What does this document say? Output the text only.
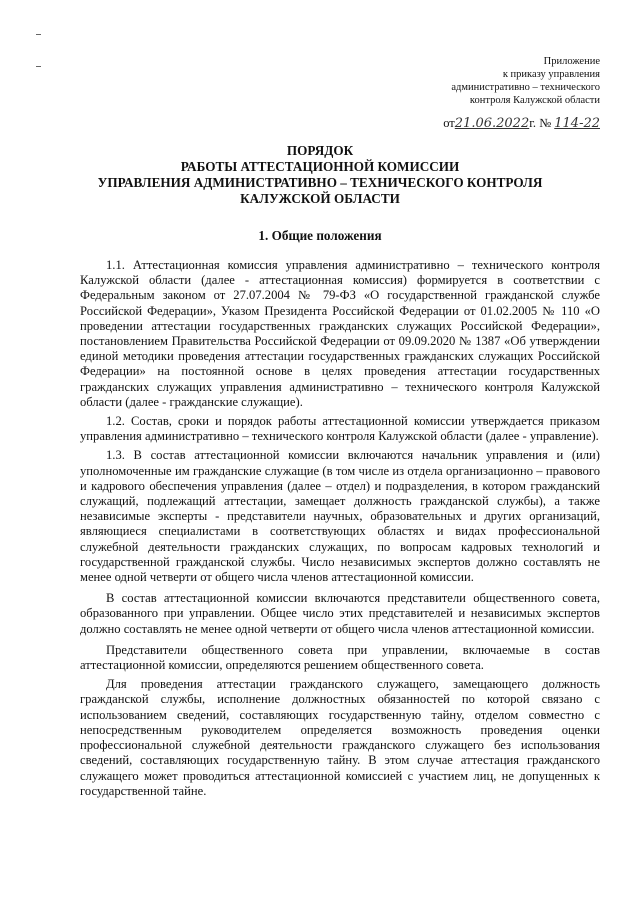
Приложение
к приказу управления
административно – технического
контроля Калужской области
от21.06.2022г. № 114-22
ПОРЯДОК
РАБОТЫ АТТЕСТАЦИОННОЙ КОМИССИИ
УПРАВЛЕНИЯ АДМИНИСТРАТИВНО – ТЕХНИЧЕСКОГО КОНТРОЛЯ
КАЛУЖСКОЙ ОБЛАСТИ
1. Общие положения

1.1. Аттестационная комиссия управления административно – технического контроля Калужской области (далее - аттестационная комиссия) формируется в соответствии с Федеральным законом от 27.07.2004 № 79-ФЗ «О государственной гражданской службе Российской Федерации», Указом Президента Российской Федерации от 01.02.2005 № 110 «О проведении аттестации государственных гражданских служащих Российской Федерации», постановлением Правительства Российской Федерации от 09.09.2020 № 1387 «Об утверждении единой методики проведения аттестации государственных гражданских служащих Российской Федерации» на постоянной основе в целях проведения аттестации государственных гражданских служащих управления административно – технического контроля Калужской области (далее - гражданские служащие).

1.2. Состав, сроки и порядок работы аттестационной комиссии утверждается приказом управления административно – технического контроля Калужской области (далее - управление).

1.3. В состав аттестационной комиссии включаются начальник управления и (или) уполномоченные им гражданские служащие (в том числе из отдела организационно – правового и кадрового обеспечения управления (далее – отдел) и подразделения, в котором гражданский служащий, подлежащий аттестации, замещает должность гражданской службы), а также независимые эксперты - представители научных, образовательных и других организаций, являющиеся специалистами в соответствующих областях и видах профессиональной служебной деятельности гражданских служащих, по вопросам кадровых технологий и государственной гражданской службы. Число независимых экспертов должно составлять не менее одной четверти от общего числа членов аттестационной комиссии.

В состав аттестационной комиссии включаются представители общественного совета, образованного при управлении. Общее число этих представителей и независимых экспертов должно составлять не менее одной четверти от общего числа членов аттестационной комиссии.

Представители общественного совета при управлении, включаемые в состав аттестационной комиссии, определяются решением общественного совета.

Для проведения аттестации гражданского служащего, замещающего должность гражданской службы, исполнение должностных обязанностей по которой связано с использованием сведений, составляющих государственную тайну, отделом совместно с непосредственным руководителем определяется возможность проведения оценки профессиональной служебной деятельности гражданского служащего без использования сведений, составляющих государственную тайну. В этом случае аттестация гражданского служащего может проводиться аттестационной комиссией с участием лиц, не допущенных к государственной тайне.
